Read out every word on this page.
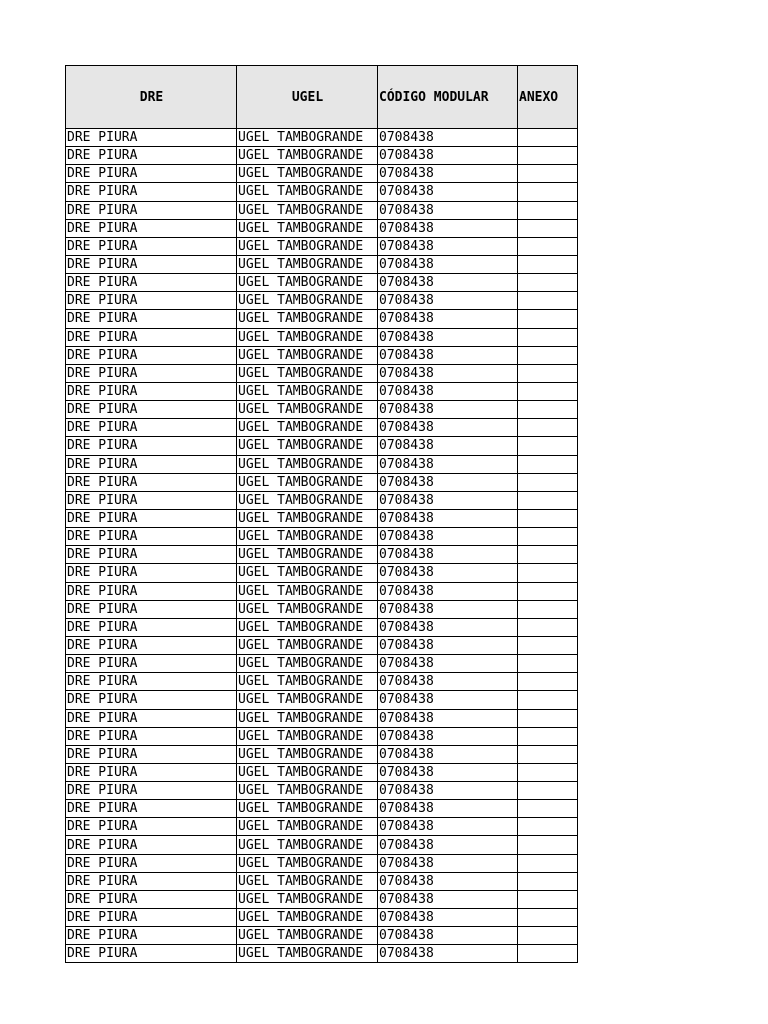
DRE	UGEL	CÓDIGO MODULAR	ANEXO
DRE PIURA	UGEL TAMBOGRANDE	0708438	
DRE PIURA	UGEL TAMBOGRANDE	0708438	
DRE PIURA	UGEL TAMBOGRANDE	0708438	
DRE PIURA	UGEL TAMBOGRANDE	0708438	
DRE PIURA	UGEL TAMBOGRANDE	0708438	
DRE PIURA	UGEL TAMBOGRANDE	0708438	
DRE PIURA	UGEL TAMBOGRANDE	0708438	
DRE PIURA	UGEL TAMBOGRANDE	0708438	
DRE PIURA	UGEL TAMBOGRANDE	0708438	
DRE PIURA	UGEL TAMBOGRANDE	0708438	
DRE PIURA	UGEL TAMBOGRANDE	0708438	
DRE PIURA	UGEL TAMBOGRANDE	0708438	
DRE PIURA	UGEL TAMBOGRANDE	0708438	
DRE PIURA	UGEL TAMBOGRANDE	0708438	
DRE PIURA	UGEL TAMBOGRANDE	0708438	
DRE PIURA	UGEL TAMBOGRANDE	0708438	
DRE PIURA	UGEL TAMBOGRANDE	0708438	
DRE PIURA	UGEL TAMBOGRANDE	0708438	
DRE PIURA	UGEL TAMBOGRANDE	0708438	
DRE PIURA	UGEL TAMBOGRANDE	0708438	
DRE PIURA	UGEL TAMBOGRANDE	0708438	
DRE PIURA	UGEL TAMBOGRANDE	0708438	
DRE PIURA	UGEL TAMBOGRANDE	0708438	
DRE PIURA	UGEL TAMBOGRANDE	0708438	
DRE PIURA	UGEL TAMBOGRANDE	0708438	
DRE PIURA	UGEL TAMBOGRANDE	0708438	
DRE PIURA	UGEL TAMBOGRANDE	0708438	
DRE PIURA	UGEL TAMBOGRANDE	0708438	
DRE PIURA	UGEL TAMBOGRANDE	0708438	
DRE PIURA	UGEL TAMBOGRANDE	0708438	
DRE PIURA	UGEL TAMBOGRANDE	0708438	
DRE PIURA	UGEL TAMBOGRANDE	0708438	
DRE PIURA	UGEL TAMBOGRANDE	0708438	
DRE PIURA	UGEL TAMBOGRANDE	0708438	
DRE PIURA	UGEL TAMBOGRANDE	0708438	
DRE PIURA	UGEL TAMBOGRANDE	0708438	
DRE PIURA	UGEL TAMBOGRANDE	0708438	
DRE PIURA	UGEL TAMBOGRANDE	0708438	
DRE PIURA	UGEL TAMBOGRANDE	0708438	
DRE PIURA	UGEL TAMBOGRANDE	0708438	
DRE PIURA	UGEL TAMBOGRANDE	0708438	
DRE PIURA	UGEL TAMBOGRANDE	0708438	
DRE PIURA	UGEL TAMBOGRANDE	0708438	
DRE PIURA	UGEL TAMBOGRANDE	0708438	
DRE PIURA	UGEL TAMBOGRANDE	0708438	
DRE PIURA	UGEL TAMBOGRANDE	0708438	
